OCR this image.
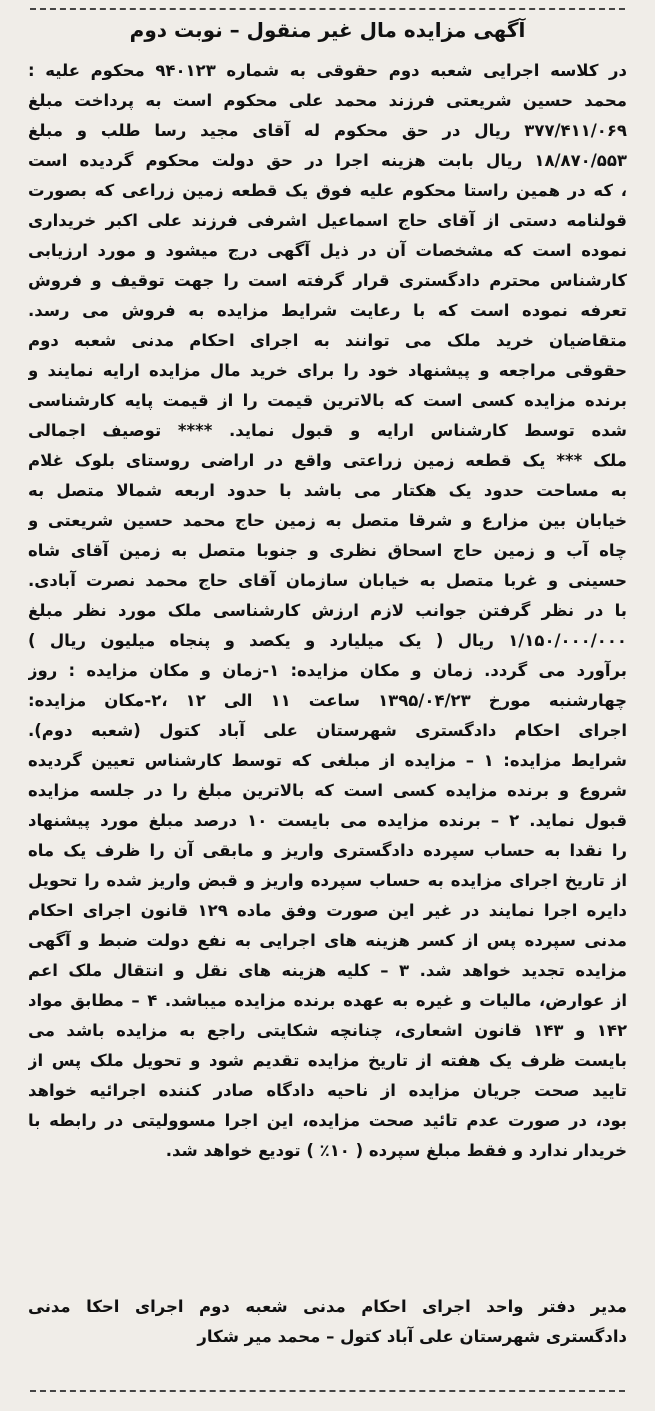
آگهی مزایده مال غیر منقول – نوبت دوم
در کلاسه اجرایی شعبه دوم حقوقی به شماره ۹۴۰۱۲۳ محکوم علیه :
محمد حسین شریعتی فرزند محمد علی محکوم است به پرداخت مبلغ
۳۷۷/۴۱۱/۰۶۹ ریال در حق محکوم له آقای مجید رسا طلب و مبلغ
۱۸/۸۷۰/۵۵۳ ریال بابت هزینه اجرا در حق دولت محکوم گردیده است
، که در همین راستا محکوم علیه فوق یک قطعه زمین زراعی که بصورت
قولنامه دستی از آقای حاج اسماعیل اشرفی فرزند علی اکبر خریداری
نموده است که مشخصات آن در ذیل آگهی درج میشود و مورد ارزیابی
کارشناس محترم دادگستری قرار گرفته است را جهت توقیف و فروش
تعرفه نموده است که با رعایت شرایط مزایده به فروش می رسد.
متقاضیان خرید ملک می توانند به اجرای احکام مدنی شعبه دوم
حقوقی مراجعه و پیشنهاد خود را برای خرید مال مزایده ارایه نمایند و
برنده مزایده کسی است که بالاترین قیمت را از قیمت پایه کارشناسی
شده توسط کارشناس ارایه و قبول نماید. **** توصیف اجمالی
ملک *** یک قطعه زمین زراعتی واقع در اراضی روستای بلوک غلام
به مساحت حدود یک هکتار می باشد با حدود اربعه شمالا متصل به
خیابان بین مزارع و شرقا متصل به زمین حاج محمد حسین شریعتی و
چاه آب و زمین حاج اسحاق نظری و جنوبا متصل به زمین آقای شاه
حسینی و غربا متصل به خیابان سازمان آقای حاج محمد نصرت آبادی.
با در نظر گرفتن جوانب لازم ارزش کارشناسی ملک مورد نظر مبلغ
۱/۱۵۰/۰۰۰/۰۰۰ ریال ( یک میلیارد و یکصد و پنجاه میلیون ریال )
برآورد می گردد. زمان و مکان مزایده: ۱-زمان و مکان مزایده : روز
چهارشنبه مورخ ۱۳۹۵/۰۴/۲۳ ساعت ۱۱ الی ۱۲ ،۲-مکان مزایده:
اجرای احکام دادگستری شهرستان علی آباد کتول (شعبه دوم).
شرایط مزایده: ۱ – مزایده از مبلغی که توسط کارشناس تعیین گردیده
شروع و برنده مزایده کسی است که بالاترین مبلغ را در جلسه مزایده
قبول نماید. ۲ – برنده مزایده می بایست ۱۰ درصد مبلغ مورد پیشنهاد
را نقدا به حساب سپرده دادگستری واریز و مابقی آن را ظرف یک ماه
از تاریخ اجرای مزایده به حساب سپرده واریز و قبض واریز شده را تحویل
دایره اجرا نمایند در غیر این صورت وفق ماده ۱۲۹ قانون اجرای احکام
مدنی سپرده پس از کسر هزینه های اجرایی به نفع دولت ضبط و آگهی
مزایده تجدید خواهد شد. ۳ – کلیه هزینه های نقل و انتقال ملک اعم
از عوارض، مالیات و غیره به عهده برنده مزایده میباشد. ۴ – مطابق مواد
۱۴۲ و ۱۴۳ قانون اشعاری، چنانچه شکایتی راجع به مزایده باشد می
بایست ظرف یک هفته از تاریخ مزایده تقدیم شود و تحویل ملک پس از
تایید صحت جریان مزایده از ناحیه دادگاه صادر کننده اجرائیه خواهد
بود، در صورت عدم تائید صحت مزایده، این اجرا مسوولیتی در رابطه با
خریدار ندارد و فقط مبلغ سپرده ( ۱۰٪ ) تودیع خواهد شد.
مدیر دفتر واحد اجرای احکام مدنی شعبه دوم اجرای احکا مدنی
دادگستری شهرستان علی آباد کتول – محمد میر شکار
